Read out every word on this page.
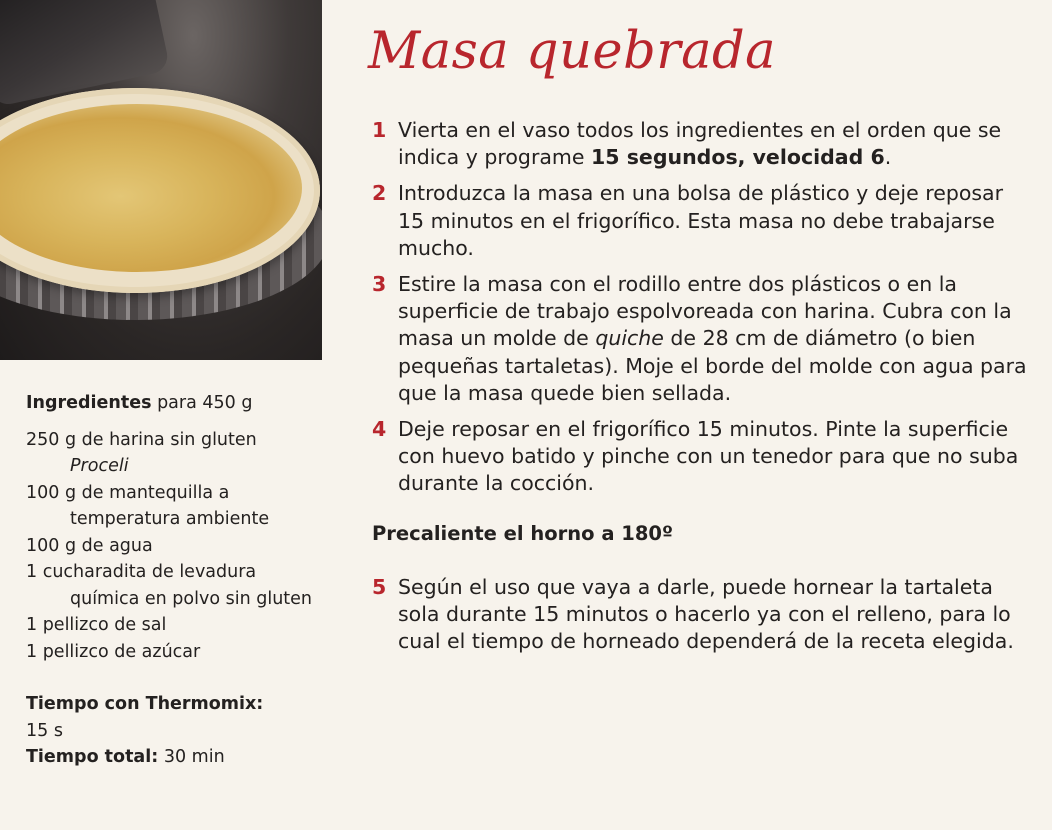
Masa quebrada
Ingredientes para 450 g
250 g de harina sin gluten
Proceli
100 g de mantequilla a temperatura ambiente
100 g de agua
1 cucharadita de levadura química en polvo sin gluten
1 pellizco de sal
1 pellizco de azúcar
Tiempo con Thermomix:
15 s
Tiempo total: 30 min
1 Vierta en el vaso todos los ingredientes en el orden que se indica y programe 15 segundos, velocidad 6.
2 Introduzca la masa en una bolsa de plástico y deje reposar 15 minutos en el frigorífico. Esta masa no debe trabajarse mucho.
3 Estire la masa con el rodillo entre dos plásticos o en la superficie de trabajo espolvoreada con harina. Cubra con la masa un molde de quiche de 28 cm de diámetro (o bien pequeñas tartaletas). Moje el borde del molde con agua para que la masa quede bien sellada.
4 Deje reposar en el frigorífico 15 minutos. Pinte la superficie con huevo batido y pinche con un tenedor para que no suba durante la cocción.
Precaliente el horno a 180º
5 Según el uso que vaya a darle, puede hornear la tartaleta sola durante 15 minutos o hacerlo ya con el relleno, para lo cual el tiempo de horneado dependerá de la receta elegida.
